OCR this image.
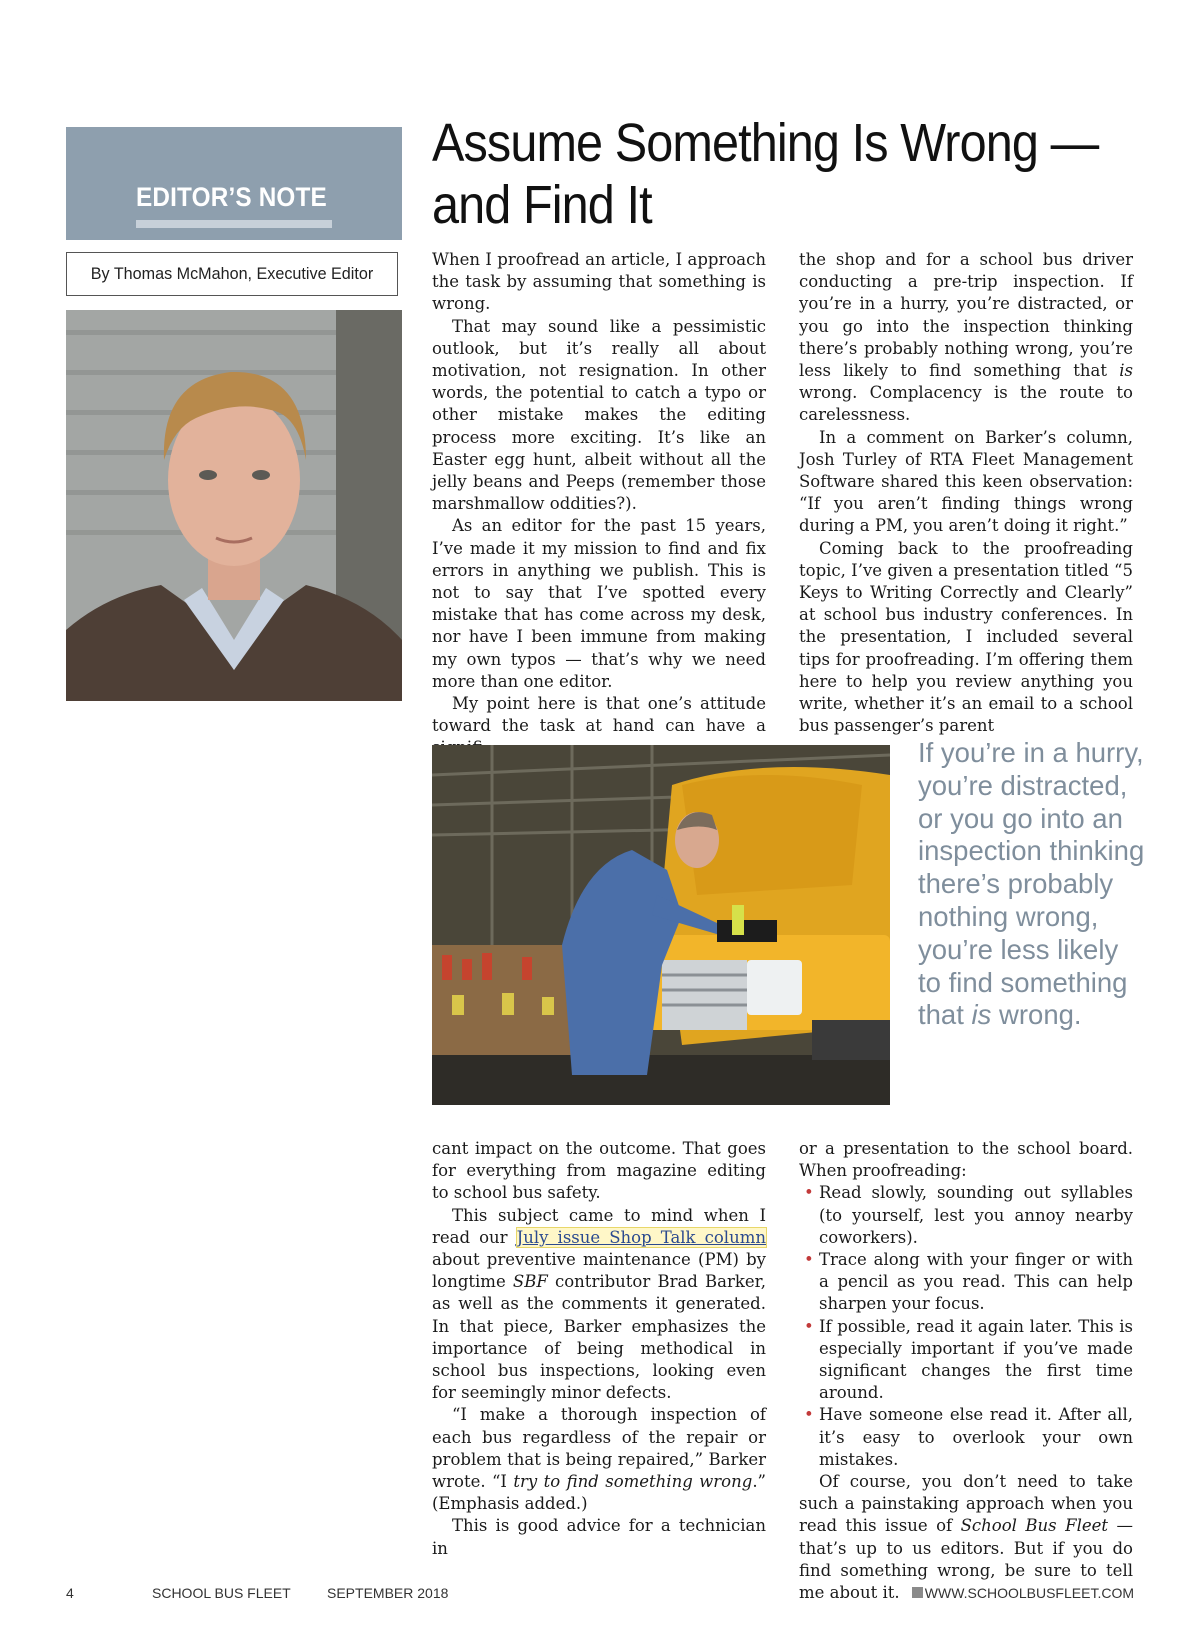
EDITOR’S NOTE
By Thomas McMahon, Executive Editor
Assume Something Is Wrong —
and Find It

When I proofread an article, I approach the task by assuming that something is wrong.

That may sound like a pessimistic outlook, but it’s really all about motivation, not resignation. In other words, the potential to catch a typo or other mistake makes the editing process more exciting. It’s like an Easter egg hunt, albeit without all the jelly beans and Peeps (remember those marshmallow oddities?).

As an editor for the past 15 years, I’ve made it my mission to find and fix errors in anything we publish. This is not to say that I’ve spotted every mistake that has come across my desk, nor have I been immune from making my own typos — that’s why we need more than one editor.

My point here is that one’s attitude toward the task at hand can have a

the shop and for a school bus driver conducting a pre-trip inspection. If you’re in a hurry, you’re distracted, or you go into the inspection thinking there’s probably nothing wrong, you’re less likely to find something that is wrong. Complacency is the route to carelessness.

In a comment on Barker’s column, Josh Turley of RTA Fleet Management Software shared this keen observation: “If you aren’t finding things wrong during a PM, you aren’t doing it right.”

Coming back to the proofreading topic, I’ve given a presentation titled “5 Keys to Writing Correctly and Clearly” at school bus industry conferences. In the presentation, I included several tips for proofreading. I’m offering them here to help you review anything you write, whether it’s an email to a school bus passenger’s parent

If you’re in a hurry, you’re distracted, or you go into an inspection thinking there’s probably nothing wrong, you’re less likely to find something that is wrong.

cant impact on the outcome. That goes for everything from magazine editing to school bus safety.

This subject came to mind when I read our July issue Shop Talk column about preventive maintenance (PM) by longtime SBF contributor Brad Barker, as well as the comments it generated. In that piece, Barker emphasizes the importance of being methodical in school bus inspections, looking even for seemingly minor defects.

“I make a thorough inspection of each bus regardless of the repair or problem that is being repaired,” Barker wrote. “I try to find something wrong.” (Emphasis added.)

This is good advice for a technician in

or a presentation to the school board. When proofreading:

• Read slowly, sounding out syllables (to yourself, lest you annoy nearby coworkers).
• Trace along with your finger or with a pencil as you read. This can help sharpen your focus.
• If possible, read it again later. This is especially important if you’ve made significant changes the first time around.
• Have someone else read it. After all, it’s easy to overlook your own mistakes.

Of course, you don’t need to take such a painstaking approach when you read this issue of School Bus Fleet — that’s up to us editors. But if you do find something wrong, be sure to tell me about it.

4	SCHOOL BUS FLEET	SEPTEMBER 2018	WWW.SCHOOLBUSFLEET.COM
